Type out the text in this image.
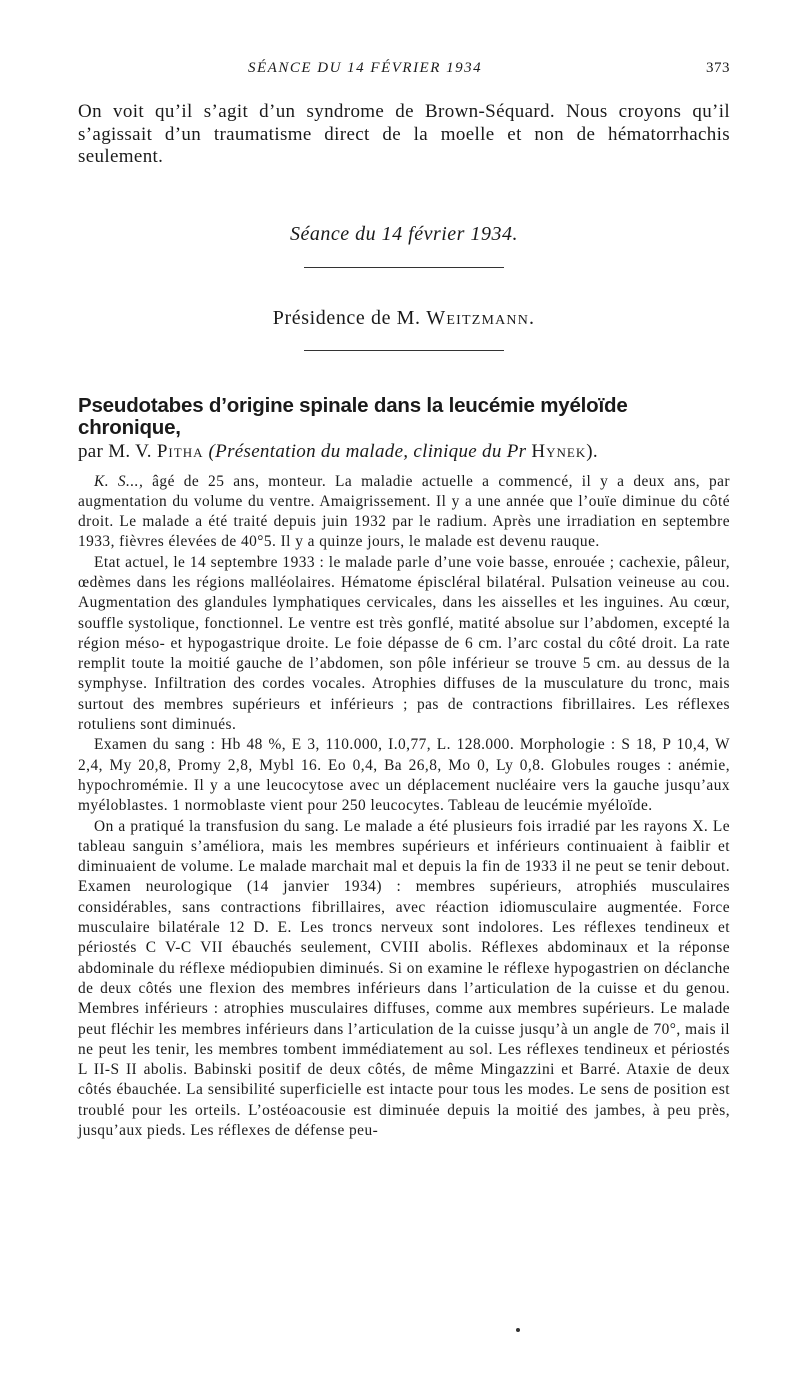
SÉANCE DU 14 FÉVRIER 1934	373

On voit qu’il s’agit d’un syndrome de Brown-Séquard. Nous croyons qu’il s’agissait d’un traumatisme direct de la moelle et non de hématorrhachis seulement.

Séance du 14 février 1934.
Présidence de M. Weitzmann.
Pseudotabes d’origine spinale dans la leucémie myéloïde chronique,
par M. V. Pitha (Présentation du malade, clinique du Pr Hynek).

K. S..., âgé de 25 ans, monteur. La maladie actuelle a commencé, il y a deux ans, par augmentation du volume du ventre. Amaigrissement. Il y a une année que l’ouïe diminue du côté droit. Le malade a été traité depuis juin 1932 par le radium. Après une irradiation en septembre 1933, fièvres élevées de 40°5. Il y a quinze jours, le malade est devenu rauque.

Etat actuel, le 14 septembre 1933 : le malade parle d’une voie basse, enrouée ; cachexie, pâleur, œdèmes dans les régions malléolaires. Hématome épiscléral bilatéral. Pulsation veineuse au cou. Augmentation des glandules lymphatiques cervicales, dans les aisselles et les inguines. Au cœur, souffle systolique, fonctionnel. Le ventre est très gonflé, matité absolue sur l’abdomen, excepté la région méso- et hypogastrique droite. Le foie dépasse de 6 cm. l’arc costal du côté droit. La rate remplit toute la moitié gauche de l’abdomen, son pôle inférieur se trouve 5 cm. au dessus de la symphyse. Infiltration des cordes vocales. Atrophies diffuses de la musculature du tronc, mais surtout des membres supérieurs et inférieurs ; pas de contractions fibrillaires. Les réflexes rotuliens sont diminués.

Examen du sang : Hb 48 %, E 3, 110.000, I.0,77, L. 128.000. Morphologie : S 18, P 10,4, W 2,4, My 20,8, Promy 2,8, Mybl 16. Eo 0,4, Ba 26,8, Mo 0, Ly 0,8. Globules rouges : anémie, hypochromémie. Il y a une leucocytose avec un déplacement nucléaire vers la gauche jusqu’aux myéloblastes. 1 normoblaste vient pour 250 leucocytes. Tableau de leucémie myéloïde.

On a pratiqué la transfusion du sang. Le malade a été plusieurs fois irradié par les rayons X. Le tableau sanguin s’améliora, mais les membres supérieurs et inférieurs continuaient à faiblir et diminuaient de volume. Le malade marchait mal et depuis la fin de 1933 il ne peut se tenir debout. Examen neurologique (14 janvier 1934) : membres supérieurs, atrophiés musculaires considérables, sans contractions fibrillaires, avec réaction idiomusculaire augmentée. Force musculaire bilatérale 12 D. E. Les troncs nerveux sont indolores. Les réflexes tendineux et périostés C V-C VII ébauchés seulement, CVIII abolis. Réflexes abdominaux et la réponse abdominale du réflexe médiopubien diminués. Si on examine le réflexe hypogastrien on déclanche de deux côtés une flexion des membres inférieurs dans l’articulation de la cuisse et du genou. Membres inférieurs : atrophies musculaires diffuses, comme aux membres supérieurs. Le malade peut fléchir les membres inférieurs dans l’articulation de la cuisse jusqu’à un angle de 70°, mais il ne peut les tenir, les membres tombent immédiatement au sol. Les réflexes tendineux et périostés L II-S II abolis. Babinski positif de deux côtés, de même Mingazzini et Barré. Ataxie de deux côtés ébauchée. La sensibilité superficielle est intacte pour tous les modes. Le sens de position est troublé pour les orteils. L’ostéoacousie est diminuée depuis la moitié des jambes, à peu près, jusqu’aux pieds. Les réflexes de défense peu-
